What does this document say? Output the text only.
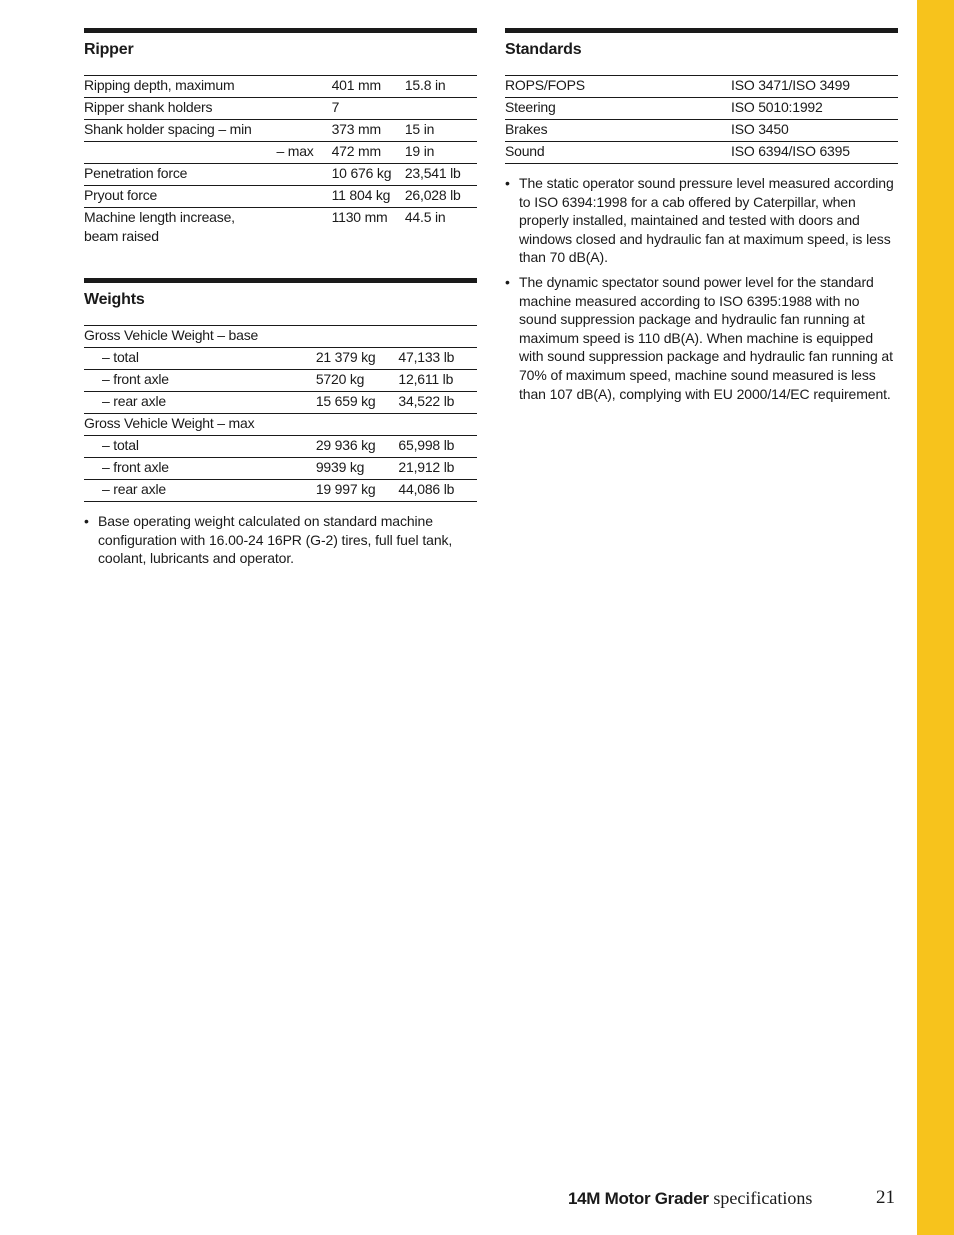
Ripper
Ripping depth, maximum	401 mm	15.8 in
Ripper shank holders	7	
Shank holder spacing – min	373 mm	15 in
– max	472 mm	19 in
Penetration force	10 676 kg	23,541 lb
Pryout force	11 804 kg	26,028 lb
Machine length increase, beam raised	1130 mm	44.5 in
Weights
Gross Vehicle Weight – base		
– total	21 379 kg	47,133 lb
– front axle	5720 kg	12,611 lb
– rear axle	15 659 kg	34,522 lb
Gross Vehicle Weight – max		
– total	29 936 kg	65,998 lb
– front axle	9939 kg	21,912 lb
– rear axle	19 997 kg	44,086 lb
• Base operating weight calculated on standard machine configuration with 16.00-24 16PR (G-2) tires, full fuel tank, coolant, lubricants and operator.
Standards
ROPS/FOPS	ISO 3471/ISO 3499
Steering	ISO 5010:1992
Brakes	ISO 3450
Sound	ISO 6394/ISO 6395
• The static operator sound pressure level measured according to ISO 6394:1998 for a cab offered by Caterpillar, when properly installed, maintained and tested with doors and windows closed and hydraulic fan at maximum speed, is less than 70 dB(A).
• The dynamic spectator sound power level for the standard machine measured according to ISO 6395:1988 with no sound suppression package and hydraulic fan running at maximum speed is 110 dB(A). When machine is equipped with sound suppression package and hydraulic fan running at 70% of maximum speed, machine sound measured is less than 107 dB(A), complying with EU 2000/14/EC requirement.
14M Motor Grader specifications	21
